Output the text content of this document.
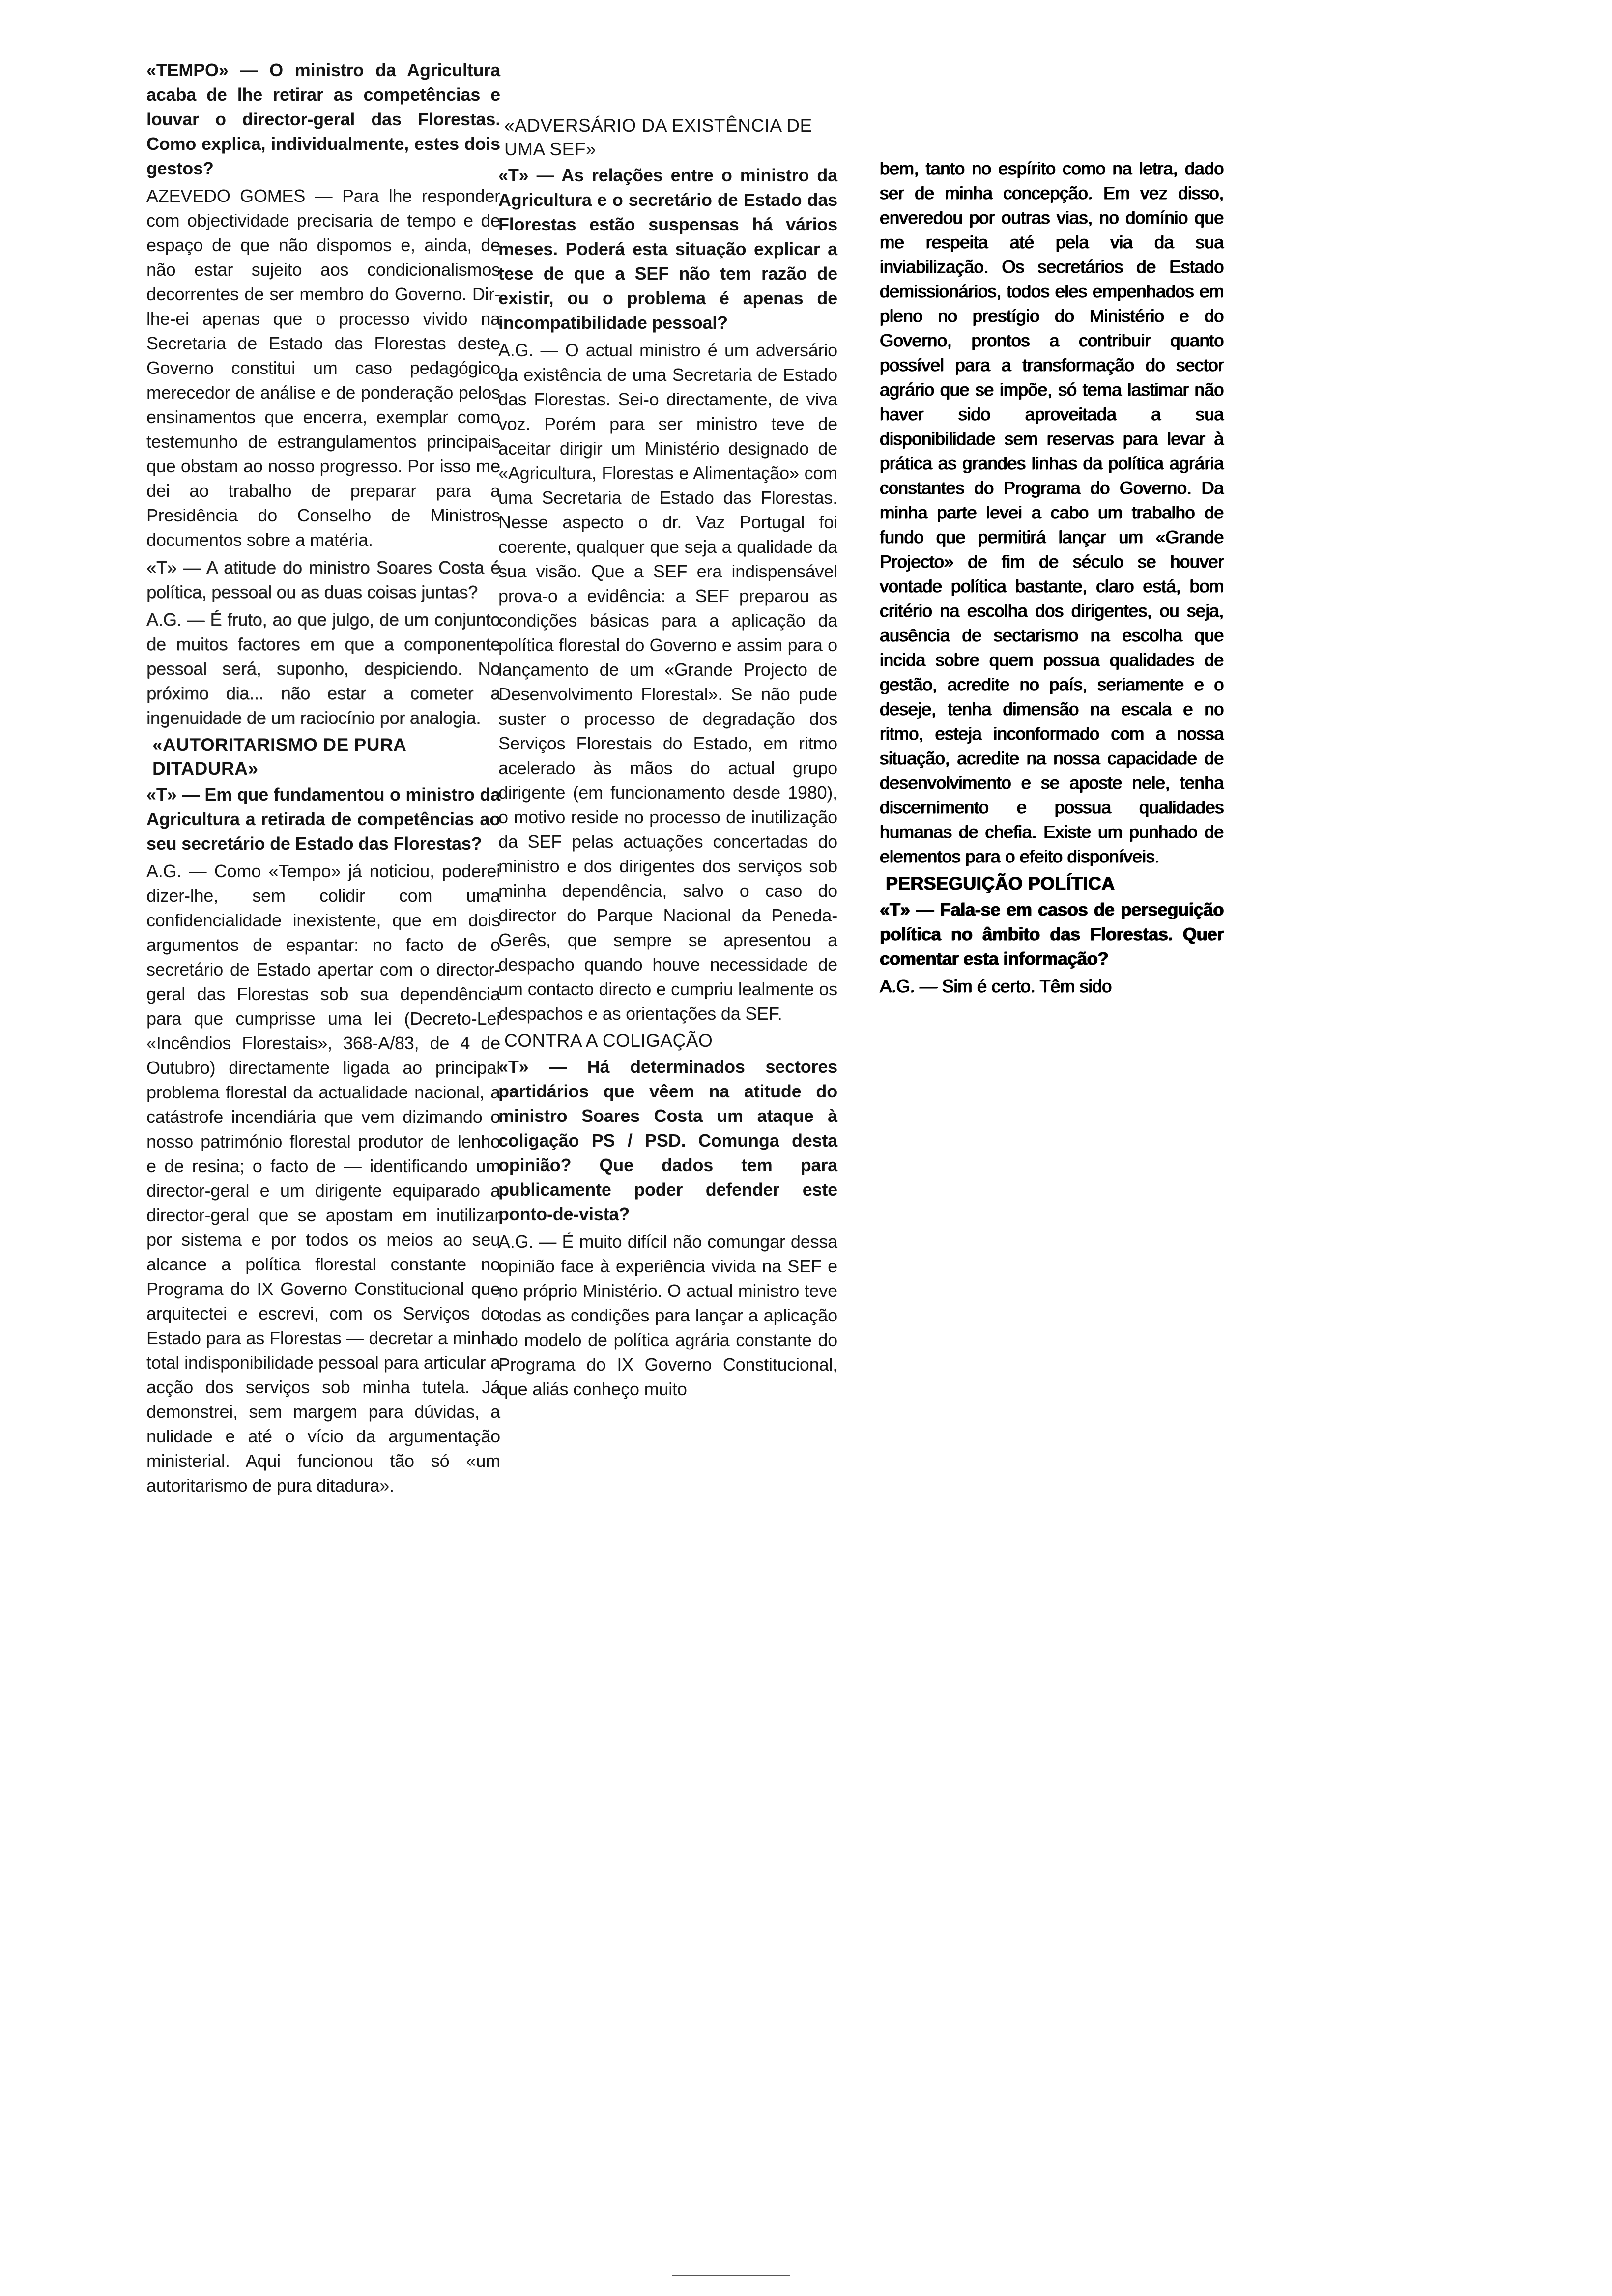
«TEMPO» — O ministro da Agricultura acaba de lhe retirar as competências e louvar o director-geral das Florestas. Como explica, individualmente, estes dois gestos?

AZEVEDO GOMES — Para lhe responder com objectividade precisaria de tempo e de espaço de que não dispomos e, ainda, de não estar sujeito aos condicionalismos decorrentes de ser membro do Governo. Dir-lhe-ei apenas que o processo vivido na Secretaria de Estado das Florestas deste Governo constitui um caso pedagógico merecedor de análise e de ponderação pelos ensinamentos que encerra, exemplar como testemunho de estrangulamentos principais que obstam ao nosso progresso. Por isso me dei ao trabalho de preparar para a Presidência do Conselho de Ministros documentos sobre a matéria.

«T» — A atitude do ministro Soares Costa é política, pessoal ou as duas coisas juntas?

A.G. — É fruto, ao que julgo, de um conjunto de muitos factores em que a componente pessoal será, suponho, despiciendo. No próximo dia... não estar a cometer a ingenuidade de um raciocínio por analogia.

«AUTORITARISMO DE PURA DITADURA»

«T» — Em que fundamentou o ministro da Agricultura a retirada de competências ao seu secretário de Estado das Florestas?

A.G. — Como «Tempo» já noticiou, poderei dizer-lhe, sem colidir com uma confidencialidade inexistente, que em dois argumentos de espantar: no facto de o secretário de Estado apertar com o director-geral das Florestas sob sua dependência para que cumprisse uma lei (Decreto-Lei «Incêndios Florestais», 368-A/83, de 4 de Outubro) directamente ligada ao principal problema florestal da actualidade nacional, a catástrofe incendiária que vem dizimando o nosso património florestal produtor de lenho e de resina; o facto de — identificando um director-geral e um dirigente equiparado a director-geral que se apostam em inutilizar por sistema e por todos os meios ao seu alcance a política florestal constante no Programa do IX Governo Constitucional que arquitectei e escrevi, com os Serviços do Estado para as Florestas — decretar a minha total indisponibilidade pessoal para articular a acção dos serviços sob minha tutela. Já demonstrei, sem margem para dúvidas, a nulidade e até o vício da argumentação ministerial. Aqui funcionou tão só «um autoritarismo de pura ditadura».

«ADVERSÁRIO DA EXISTÊNCIA DE UMA SEF»

«T» — As relações entre o ministro da Agricultura e o secretário de Estado das Florestas estão suspensas há vários meses. Poderá esta situação explicar a tese de que a SEF não tem razão de existir, ou o problema é apenas de incompatibilidade pessoal?

A.G. — O actual ministro é um adversário da existência de uma Secretaria de Estado das Florestas. Sei-o directamente, de viva voz. Porém para ser ministro teve de aceitar dirigir um Ministério designado de «Agricultura, Florestas e Alimentação» com uma Secretaria de Estado das Florestas. Nesse aspecto o dr. Vaz Portugal foi coerente, qualquer que seja a qualidade da sua visão. Que a SEF era indispensável prova-o a evidência: a SEF preparou as condições básicas para a aplicação da política florestal do Governo e assim para o lançamento de um «Grande Projecto de Desenvolvimento Florestal». Se não pude suster o processo de degradação dos Serviços Florestais do Estado, em ritmo acelerado às mãos do actual grupo dirigente (em funcionamento desde 1980), o motivo reside no processo de inutilização da SEF pelas actuações concertadas do ministro e dos dirigentes dos serviços sob minha dependência, salvo o caso do director do Parque Nacional da Peneda-Gerês, que sempre se apresentou a despacho quando houve necessidade de um contacto directo e cumpriu lealmente os despachos e as orientações da SEF.

CONTRA A COLIGAÇÃO

«T» — Há determinados sectores partidários que vêem na atitude do ministro Soares Costa um ataque à coligação PS / PSD. Comunga desta opinião? Que dados tem para publicamente poder defender este ponto-de-vista?

A.G. — É muito difícil não comungar dessa opinião face à experiência vivida na SEF e no próprio Ministério. O actual ministro teve todas as condições para lançar a aplicação do modelo de política agrária constante do Programa do IX Governo Constitucional, que aliás conheço muito

bem, tanto no espírito como na letra, dado ser de minha concepção. Em vez disso, enveredou por outras vias, no domínio que me respeita até pela via da sua inviabilização. Os secretários de Estado demissionários, todos eles empenhados em pleno no prestígio do Ministério e do Governo, prontos a contribuir quanto possível para a transformação do sector agrário que se impõe, só tema lastimar não haver sido aproveitada a sua disponibilidade sem reservas para levar à prática as grandes linhas da política agrária constantes do Programa do Governo. Da minha parte levei a cabo um trabalho de fundo que permitirá lançar um «Grande Projecto» de fim de século se houver vontade política bastante, claro está, bom critério na escolha dos dirigentes, ou seja, ausência de sectarismo na escolha que incida sobre quem possua qualidades de gestão, acredite no país, seriamente e o deseje, tenha dimensão na escala e no ritmo, esteja inconformado com a nossa situação, acredite na nossa capacidade de desenvolvimento e se aposte nele, tenha discernimento e possua qualidades humanas de chefia. Existe um punhado de elementos para o efeito disponíveis.

PERSEGUIÇÃO POLÍTICA

«T» — Fala-se em casos de perseguição política no âmbito das Florestas. Quer comentar esta informação?

A.G. — Sim é certo. Têm sido
